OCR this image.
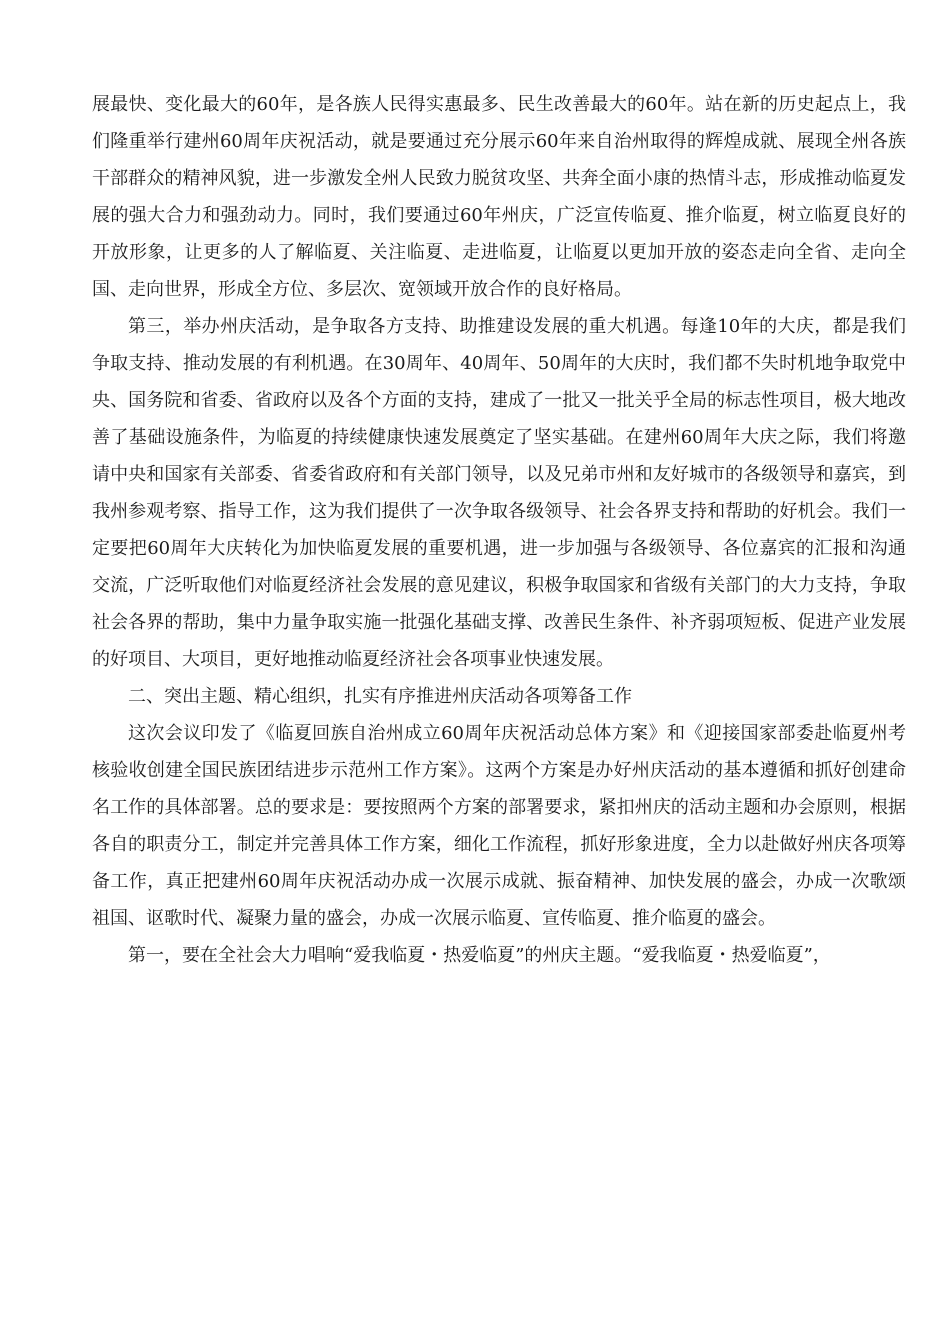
展最快、变化最大的60年，是各族人民得实惠最多、民生改善最大的60年。站在新的历史起点上，我们隆重举行建州60周年庆祝活动，就是要通过充分展示60年来自治州取得的辉煌成就、展现全州各族干部群众的精神风貌，进一步激发全州人民致力脱贫攻坚、共奔全面小康的热情斗志，形成推动临夏发展的强大合力和强劲动力。同时，我们要通过60年州庆，广泛宣传临夏、推介临夏，树立临夏良好的开放形象，让更多的人了解临夏、关注临夏、走进临夏，让临夏以更加开放的姿态走向全省、走向全国、走向世界，形成全方位、多层次、宽领域开放合作的良好格局。

第三，举办州庆活动，是争取各方支持、助推建设发展的重大机遇。每逢10年的大庆，都是我们争取支持、推动发展的有利机遇。在30周年、40周年、50周年的大庆时，我们都不失时机地争取党中央、国务院和省委、省政府以及各个方面的支持，建成了一批又一批关乎全局的标志性项目，极大地改善了基础设施条件，为临夏的持续健康快速发展奠定了坚实基础。在建州60周年大庆之际，我们将邀请中央和国家有关部委、省委省政府和有关部门领导，以及兄弟市州和友好城市的各级领导和嘉宾，到我州参观考察、指导工作，这为我们提供了一次争取各级领导、社会各界支持和帮助的好机会。我们一定要把60周年大庆转化为加快临夏发展的重要机遇，进一步加强与各级领导、各位嘉宾的汇报和沟通交流，广泛听取他们对临夏经济社会发展的意见建议，积极争取国家和省级有关部门的大力支持，争取社会各界的帮助，集中力量争取实施一批强化基础支撑、改善民生条件、补齐弱项短板、促进产业发展的好项目、大项目，更好地推动临夏经济社会各项事业快速发展。

二、突出主题、精心组织，扎实有序推进州庆活动各项筹备工作

这次会议印发了《临夏回族自治州成立60周年庆祝活动总体方案》和《迎接国家部委赴临夏州考核验收创建全国民族团结进步示范州工作方案》。这两个方案是办好州庆活动的基本遵循和抓好创建命名工作的具体部署。总的要求是：要按照两个方案的部署要求，紧扣州庆的活动主题和办会原则，根据各自的职责分工，制定并完善具体工作方案，细化工作流程，抓好形象进度，全力以赴做好州庆各项筹备工作，真正把建州60周年庆祝活动办成一次展示成就、振奋精神、加快发展的盛会，办成一次歌颂祖国、讴歌时代、凝聚力量的盛会，办成一次展示临夏、宣传临夏、推介临夏的盛会。

第一，要在全社会大力唱响“爱我临夏・热爱临夏”的州庆主题。“爱我临夏・热爱临夏”，
